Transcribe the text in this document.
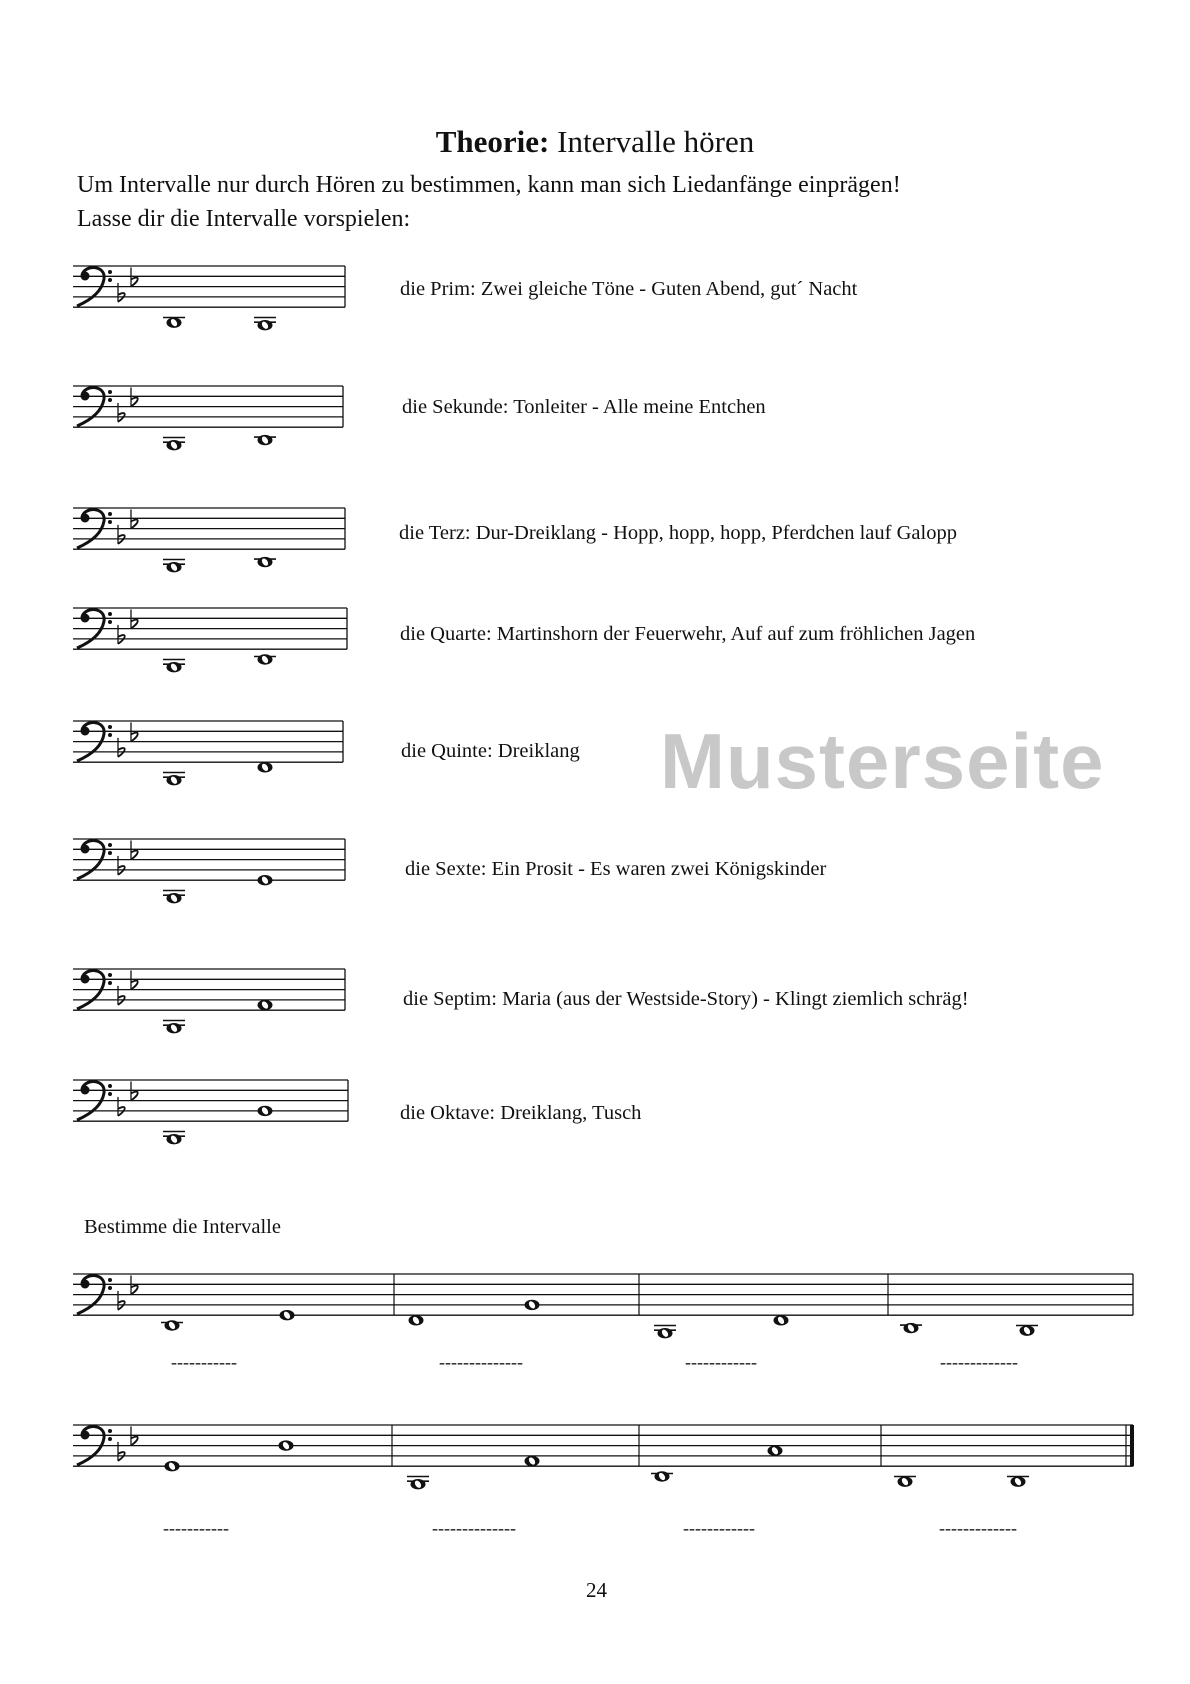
Theorie: Intervalle hören
Um Intervalle nur durch Hören zu bestimmen, kann man sich Liedanfänge einprägen!
Lasse dir die Intervalle vorspielen:
die Prim: Zwei gleiche Töne - Guten Abend, gut´ Nacht
die Sekunde: Tonleiter - Alle meine Entchen
die Terz: Dur-Dreiklang - Hopp, hopp, hopp, Pferdchen lauf Galopp
die Quarte: Martinshorn der Feuerwehr, Auf auf zum fröhlichen Jagen
die Quinte: Dreiklang
die Sexte: Ein Prosit - Es waren zwei Königskinder
die Septim: Maria (aus der Westside-Story) - Klingt ziemlich schräg!
die Oktave: Dreiklang, Tusch
Bestimme die Intervalle
-----------	--------------	------------	-------------
-----------	--------------	------------	-------------
24
Musterseite
